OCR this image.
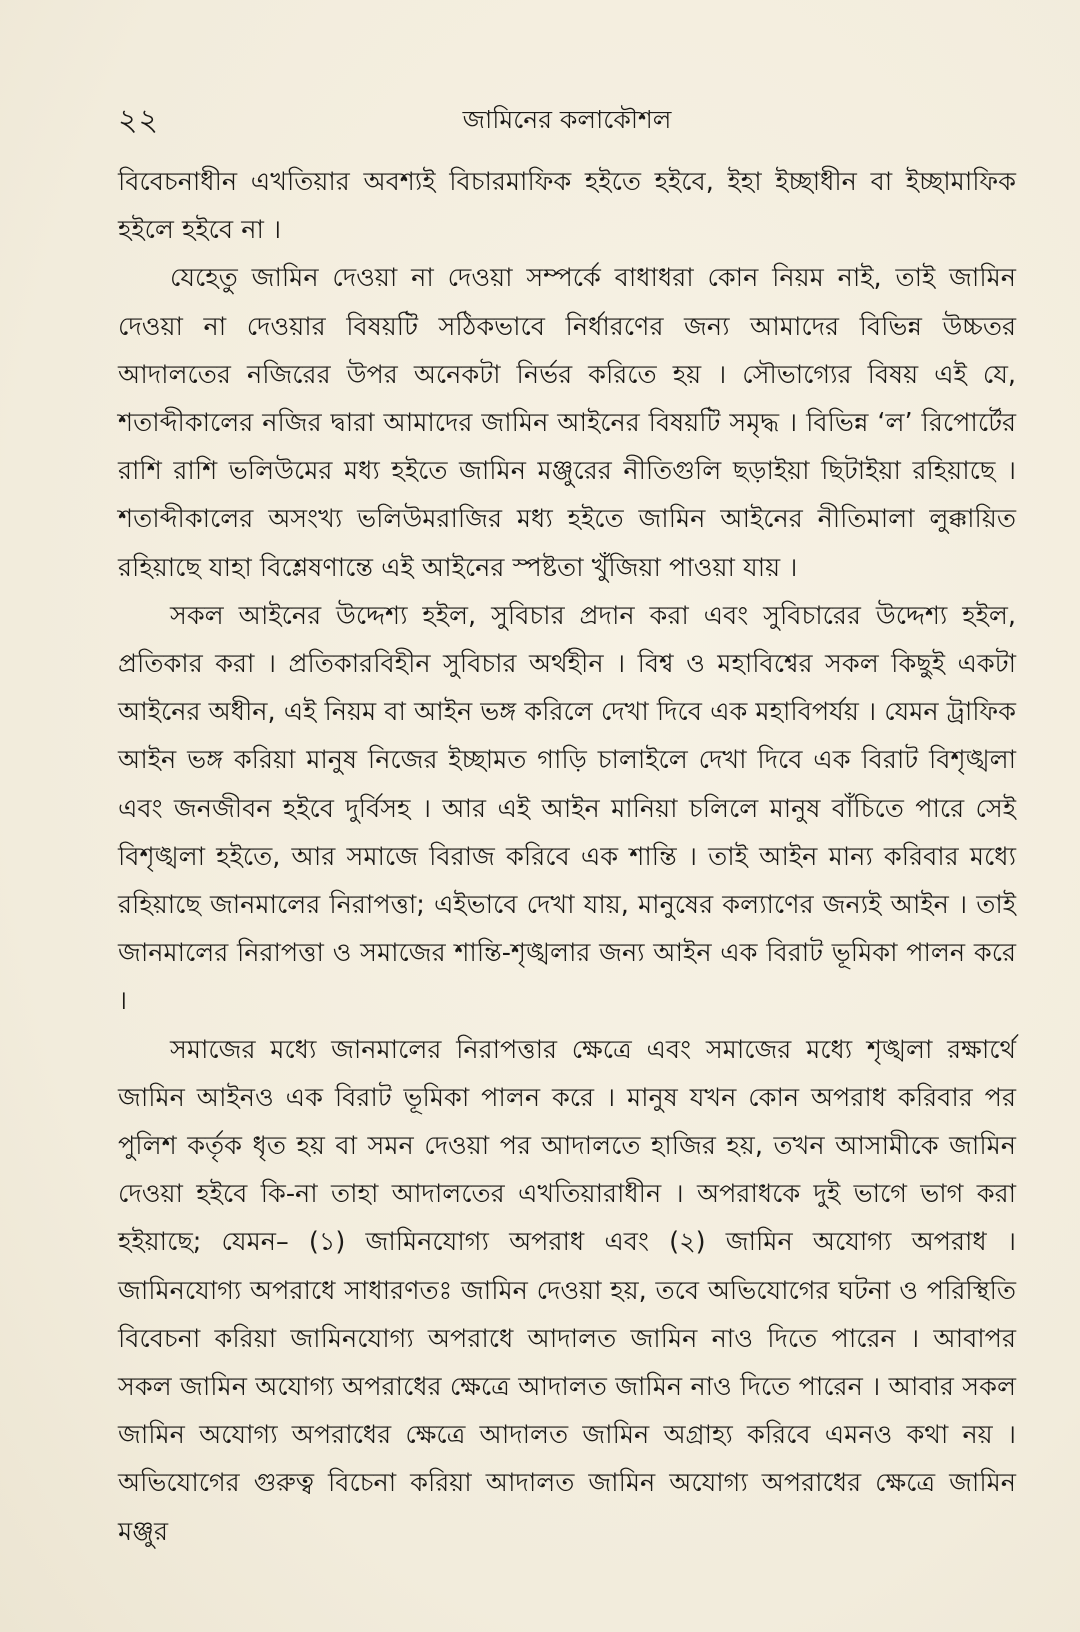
২২	জামিনের কলাকৌশল

বিবেচনাধীন এখতিয়ার অবশ্যই বিচারমাফিক হইতে হইবে, ইহা ইচ্ছাধীন বা ইচ্ছামাফিক হইলে হইবে না ।

যেহেতু জামিন দেওয়া না দেওয়া সম্পর্কে বাধাধরা কোন নিয়ম নাই, তাই জামিন দেওয়া না দেওয়ার বিষয়টি সঠিকভাবে নির্ধারণের জন্য আমাদের বিভিন্ন উচ্চতর আদালতের নজিরের উপর অনেকটা নির্ভর করিতে হয় । সৌভাগ্যের বিষয় এই যে, শতাব্দীকালের নজির দ্বারা আমাদের জামিন আইনের বিষয়টি সমৃদ্ধ । বিভিন্ন ‘ল’ রিপোর্টের রাশি রাশি ভলিউমের মধ্য হইতে জামিন মঞ্জুরের নীতিগুলি ছড়াইয়া ছিটাইয়া রহিয়াছে । শতাব্দীকালের অসংখ্য ভলিউমরাজির মধ্য হইতে জামিন আইনের নীতিমালা লুক্কায়িত রহিয়াছে যাহা বিশ্লেষণান্তে এই আইনের স্পষ্টতা খুঁজিয়া পাওয়া যায় ।

সকল আইনের উদ্দেশ্য হইল, সুবিচার প্রদান করা এবং সুবিচারের উদ্দেশ্য হইল, প্রতিকার করা । প্রতিকারবিহীন সুবিচার অর্থহীন । বিশ্ব ও মহাবিশ্বের সকল কিছুই একটা আইনের অধীন, এই নিয়ম বা আইন ভঙ্গ করিলে দেখা দিবে এক মহাবিপর্যয় । যেমন ট্রাফিক আইন ভঙ্গ করিয়া মানুষ নিজের ইচ্ছামত গাড়ি চালাইলে দেখা দিবে এক বিরাট বিশৃঙ্খলা এবং জনজীবন হইবে দুর্বিসহ । আর এই আইন মানিয়া চলিলে মানুষ বাঁচিতে পারে সেই বিশৃঙ্খলা হইতে, আর সমাজে বিরাজ করিবে এক শান্তি । তাই আইন মান্য করিবার মধ্যে রহিয়াছে জানমালের নিরাপত্তা; এইভাবে দেখা যায়, মানুষের কল্যাণের জন্যই আইন । তাই জানমালের নিরাপত্তা ও সমাজের শান্তি-শৃঙ্খলার জন্য আইন এক বিরাট ভূমিকা পালন করে ।

সমাজের মধ্যে জানমালের নিরাপত্তার ক্ষেত্রে এবং সমাজের মধ্যে শৃঙ্খলা রক্ষার্থে জামিন আইনও এক বিরাট ভূমিকা পালন করে । মানুষ যখন কোন অপরাধ করিবার পর পুলিশ কর্তৃক ধৃত হয় বা সমন দেওয়া পর আদালতে হাজির হয়, তখন আসামীকে জামিন দেওয়া হইবে কি-না তাহা আদালতের এখতিয়ারাধীন । অপরাধকে দুই ভাগে ভাগ করা হইয়াছে; যেমন– (১) জামিনযোগ্য অপরাধ এবং (২) জামিন অযোগ্য অপরাধ । জামিনযোগ্য অপরাধে সাধারণতঃ জামিন দেওয়া হয়, তবে অভিযোগের ঘটনা ও পরিস্থিতি বিবেচনা করিয়া জামিনযোগ্য অপরাধে আদালত জামিন নাও দিতে পারেন । আবাপর সকল জামিন অযোগ্য অপরাধের ক্ষেত্রে আদালত জামিন নাও দিতে পারেন । আবার সকল জামিন অযোগ্য অপরাধের ক্ষেত্রে আদালত জামিন অগ্রাহ্য করিবে এমনও কথা নয় । অভিযোগের গুরুত্ব বিচেনা করিয়া আদালত জামিন অযোগ্য অপরাধের ক্ষেত্রে জামিন মঞ্জুর
